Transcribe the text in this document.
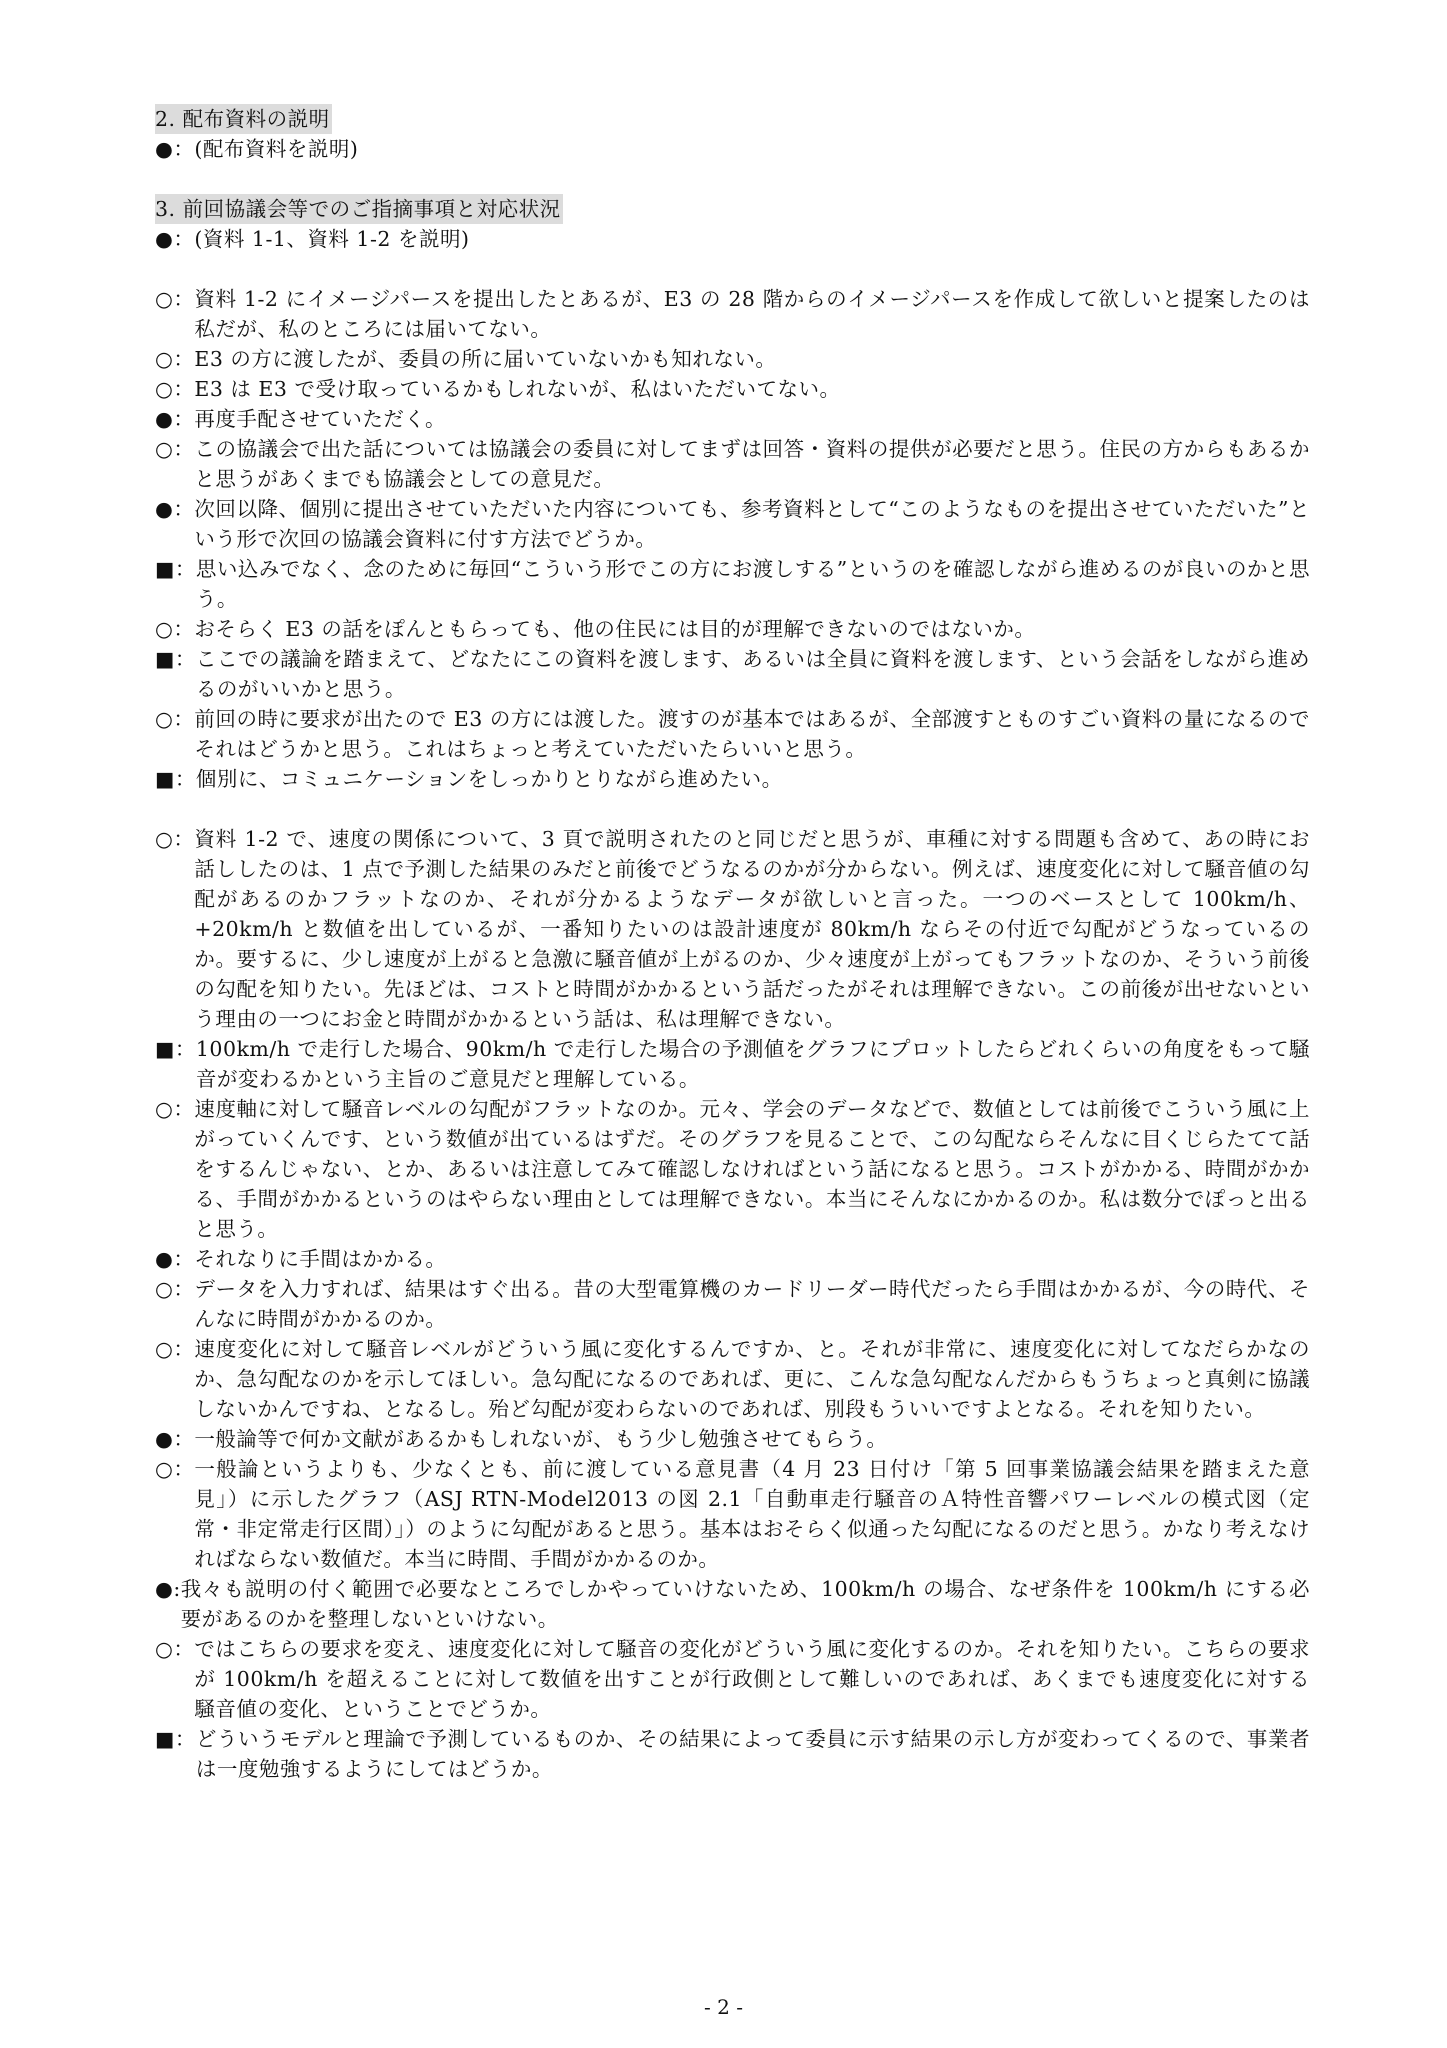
2. 配布資料の説明
●： (配布資料を説明)
3. 前回協議会等でのご指摘事項と対応状況
●： (資料 1-1、資料 1-2 を説明)
○： 資料 1-2 にイメージパースを提出したとあるが、E3 の 28 階からのイメージパースを作成して欲しいと提案したのは私だが、私のところには届いてない。
○： E3 の方に渡したが、委員の所に届いていないかも知れない。
○： E3 は E3 で受け取っているかもしれないが、私はいただいてない。
●： 再度手配させていただく。
○： この協議会で出た話については協議会の委員に対してまずは回答・資料の提供が必要だと思う。住民の方からもあるかと思うがあくまでも協議会としての意見だ。
●： 次回以降、個別に提出させていただいた内容についても、参考資料として“このようなものを提出させていただいた”という形で次回の協議会資料に付す方法でどうか。
■： 思い込みでなく、念のために毎回“こういう形でこの方にお渡しする”というのを確認しながら進めるのが良いのかと思う。
○： おそらく E3 の話をぽんともらっても、他の住民には目的が理解できないのではないか。
■： ここでの議論を踏まえて、どなたにこの資料を渡します、あるいは全員に資料を渡します、という会話をしながら進めるのがいいかと思う。
○： 前回の時に要求が出たので E3 の方には渡した。渡すのが基本ではあるが、全部渡すとものすごい資料の量になるのでそれはどうかと思う。これはちょっと考えていただいたらいいと思う。
■： 個別に、コミュニケーションをしっかりとりながら進めたい。
○： 資料 1-2 で、速度の関係について、3 頁で説明されたのと同じだと思うが、車種に対する問題も含めて、あの時にお話ししたのは、1 点で予測した結果のみだと前後でどうなるのかが分からない。例えば、速度変化に対して騒音値の勾配があるのかフラットなのか、それが分かるようなデータが欲しいと言った。一つのベースとして 100km/h、+20km/h と数値を出しているが、一番知りたいのは設計速度が 80km/h ならその付近で勾配がどうなっているのか。要するに、少し速度が上がると急激に騒音値が上がるのか、少々速度が上がってもフラットなのか、そういう前後の勾配を知りたい。先ほどは、コストと時間がかかるという話だったがそれは理解できない。この前後が出せないという理由の一つにお金と時間がかかるという話は、私は理解できない。
■： 100km/h で走行した場合、90km/h で走行した場合の予測値をグラフにプロットしたらどれくらいの角度をもって騒音が変わるかという主旨のご意見だと理解している。
○： 速度軸に対して騒音レベルの勾配がフラットなのか。元々、学会のデータなどで、数値としては前後でこういう風に上がっていくんです、という数値が出ているはずだ。そのグラフを見ることで、この勾配ならそんなに目くじらたてて話をするんじゃない、とか、あるいは注意してみて確認しなければという話になると思う。コストがかかる、時間がかかる、手間がかかるというのはやらない理由としては理解できない。本当にそんなにかかるのか。私は数分でぽっと出ると思う。
●： それなりに手間はかかる。
○： データを入力すれば、結果はすぐ出る。昔の大型電算機のカードリーダー時代だったら手間はかかるが、今の時代、そんなに時間がかかるのか。
○： 速度変化に対して騒音レベルがどういう風に変化するんですか、と。それが非常に、速度変化に対してなだらかなのか、急勾配なのかを示してほしい。急勾配になるのであれば、更に、こんな急勾配なんだからもうちょっと真剣に協議しないかんですね、となるし。殆ど勾配が変わらないのであれば、別段もういいですよとなる。それを知りたい。
●： 一般論等で何か文献があるかもしれないが、もう少し勉強させてもらう。
○： 一般論というよりも、少なくとも、前に渡している意見書（4 月 23 日付け「第 5 回事業協議会結果を踏まえた意見」）に示したグラフ（ASJ RTN-Model2013 の図 2.1「自動車走行騒音のＡ特性音響パワーレベルの模式図（定常・非定常走行区間）」）のように勾配があると思う。基本はおそらく似通った勾配になるのだと思う。かなり考えなければならない数値だ。本当に時間、手間がかかるのか。
●: 我々も説明の付く範囲で必要なところでしかやっていけないため、100km/h の場合、なぜ条件を 100km/h にする必要があるのかを整理しないといけない。
○： ではこちらの要求を変え、速度変化に対して騒音の変化がどういう風に変化するのか。それを知りたい。こちらの要求が 100km/h を超えることに対して数値を出すことが行政側として難しいのであれば、あくまでも速度変化に対する騒音値の変化、ということでどうか。
■： どういうモデルと理論で予測しているものか、その結果によって委員に示す結果の示し方が変わってくるので、事業者は一度勉強するようにしてはどうか。
- 2 -
